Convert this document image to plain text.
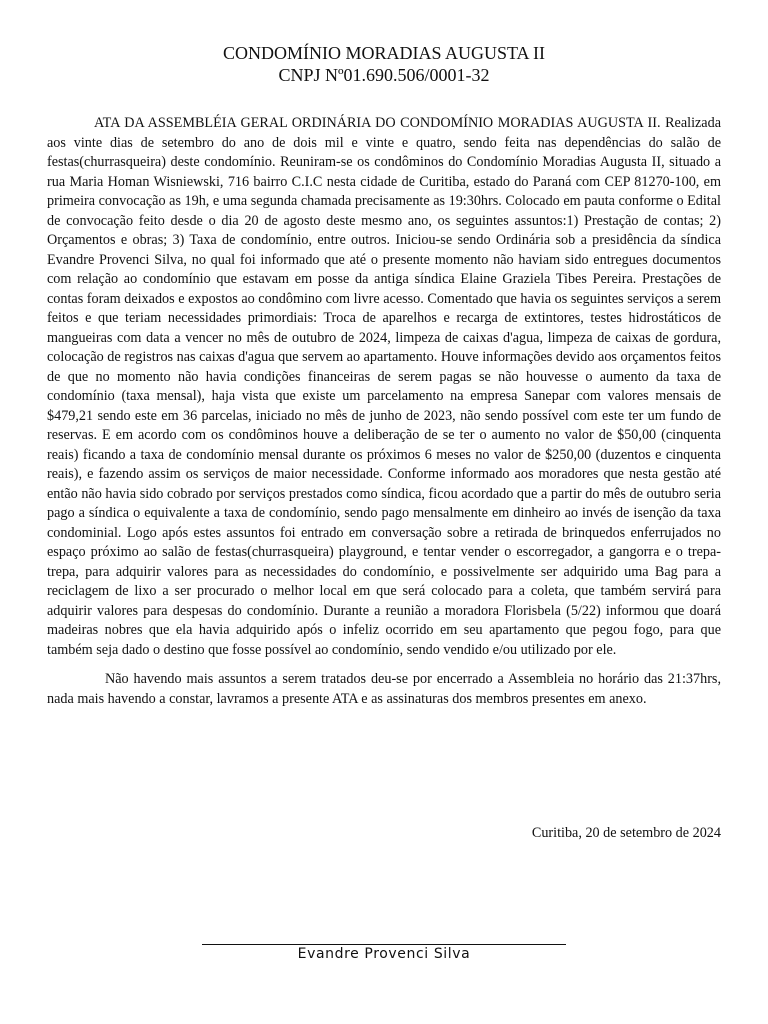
CONDOMÍNIO MORADIAS AUGUSTA II
CNPJ Nº01.690.506/0001-32

ATA DA ASSEMBLÉIA GERAL ORDINÁRIA DO CONDOMÍNIO MORADIAS AUGUSTA II. Realizada aos vinte dias de setembro do ano de dois mil e vinte e quatro, sendo feita nas dependências do salão de festas(churrasqueira) deste condomínio. Reuniram-se os condôminos do Condomínio Moradias Augusta II, situado a rua Maria Homan Wisniewski, 716 bairro C.I.C nesta cidade de Curitiba, estado do Paraná com CEP 81270-100, em primeira convocação as 19h, e uma segunda chamada precisamente as 19:30hrs. Colocado em pauta conforme o Edital de convocação feito desde o dia 20 de agosto deste mesmo ano, os seguintes assuntos:1) Prestação de contas; 2) Orçamentos e obras; 3) Taxa de condomínio, entre outros. Iniciou-se sendo Ordinária sob a presidência da síndica Evandre Provenci Silva, no qual foi informado que até o presente momento não haviam sido entregues documentos com relação ao condomínio que estavam em posse da antiga síndica Elaine Graziela Tibes Pereira. Prestações de contas foram deixados e expostos ao condômino com livre acesso. Comentado que havia os seguintes serviços a serem feitos e que teriam necessidades primordiais: Troca de aparelhos e recarga de extintores, testes hidrostáticos de mangueiras com data a vencer no mês de outubro de 2024, limpeza de caixas d'agua, limpeza de caixas de gordura, colocação de registros nas caixas d'agua que servem ao apartamento. Houve informações devido aos orçamentos feitos de que no momento não havia condições financeiras de serem pagas se não houvesse o aumento da taxa de condomínio (taxa mensal), haja vista que existe um parcelamento na empresa Sanepar com valores mensais de $479,21 sendo este em 36 parcelas, iniciado no mês de junho de 2023, não sendo possível com este ter um fundo de reservas. E em acordo com os condôminos houve a deliberação de se ter o aumento no valor de $50,00 (cinquenta reais) ficando a taxa de condomínio mensal durante os próximos 6 meses no valor de $250,00 (duzentos e cinquenta reais), e fazendo assim os serviços de maior necessidade. Conforme informado aos moradores que nesta gestão até então não havia sido cobrado por serviços prestados como síndica, ficou acordado que a partir do mês de outubro seria pago a síndica o equivalente a taxa de condomínio, sendo pago mensalmente em dinheiro ao invés de isenção da taxa condominial. Logo após estes assuntos foi entrado em conversação sobre a retirada de brinquedos enferrujados no espaço próximo ao salão de festas(churrasqueira) playground, e tentar vender o escorregador, a gangorra e o trepa-trepa, para adquirir valores para as necessidades do condomínio, e possivelmente ser adquirido uma Bag para a reciclagem de lixo a ser procurado o melhor local em que será colocado para a coleta, que também servirá para adquirir valores para despesas do condomínio. Durante a reunião a moradora Florisbela (5/22) informou que doará madeiras nobres que ela havia adquirido após o infeliz ocorrido em seu apartamento que pegou fogo, para que também seja dado o destino que fosse possível ao condomínio, sendo vendido e/ou utilizado por ele.

Não havendo mais assuntos a serem tratados deu-se por encerrado a Assembleia no horário das 21:37hrs, nada mais havendo a constar, lavramos a presente ATA e as assinaturas dos membros presentes em anexo.

Curitiba, 20 de setembro de 2024
Evandre Provenci Silva
